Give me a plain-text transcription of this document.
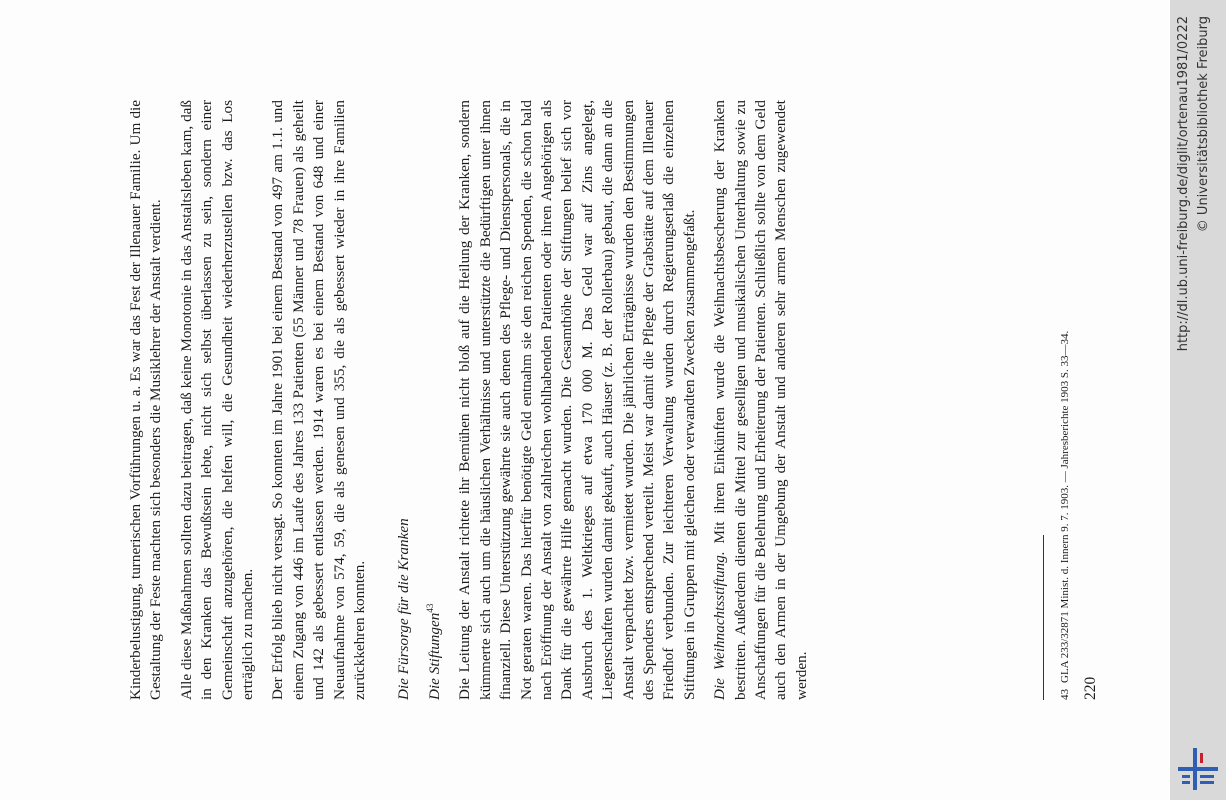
Kinderbelustigung, turnerischen Vorführungen u. a. Es war das Fest der Illenauer Familie. Um die Gestaltung der Feste machten sich besonders die Musiklehrer der Anstalt verdient. Alle diese Maßnahmen sollten dazu beitragen, daß keine Monotonie in das Anstaltsleben kam, daß in den Kranken das Bewußtsein lebte, nicht sich selbst überlassen zu sein, sondern einer Gemeinschaft anzugehören, die helfen will, die Gesundheit wiederherzustellen bzw. das Los erträglich zu machen. Der Erfolg blieb nicht versagt. So konnten im Jahre 1901 bei einem Bestand von 497 am 1.1. und einem Zugang von 446 im Laufe des Jahres 133 Patienten (55 Männer und 78 Frauen) als geheilt und 142 als gebessert entlassen werden. 1914 waren es bei einem Bestand von 648 und einer Neuaufnahme von 574, 59, die als genesen und 355, die als gebessert wieder in ihre Familien zurückkehren konnten. Die Fürsorge für die Kranken Die Stiftungen$^{43}$	Die Leitung der Anstalt richtete ihr Bemühen nicht bloß auf die Heilung der Kranken, sondern kümmerte sich auch um die häuslichen Verhältnisse und unterstützte die Bedürftigen unter ihnen finanziell. Diese Unterstützung gewährte sie auch denen des Pflege- und Dienstpersonals, die in Not geraten waren. Das hierfür benötigte Geld entnahm sie den reichen Spenden, die schon bald nach Eröffnung der Anstalt von zahlreichen wohlhabenden Patienten oder ihren Angehörigen als Dank für die gewährte Hilfe gemacht wurden. Die Gesamthöhe der Stiftungen belief sich vor Ausbruch des 1. Weltkrieges auf etwa 170 000 M. Das Geld war auf Zins angelegt, Liegenschaften wurden damit gekauft, auch Häuser (z. B. der Rollerbau) gebaut, die dann an die Anstalt verpachtet bzw. vermietet wurden. Die jährlichen Erträgnisse wurden den Bestimmungen des Spenders entsprechend verteilt. Meist war damit die Pflege der Grabstätte auf dem Illenauer Friedhof verbunden. Zur leichteren Verwaltung wurden durch Regierungserlaß die einzelnen Stiftungen in Gruppen mit gleichen oder verwandten Zwecken zusammengefaßt. Die Weihnachtsstiftung. Mit ihren Einkünften wurde die Weihnachtsbescherung der Kranken bestritten. Außerdem dienten die Mittel zur geselligen und musikalischen Unterhaltung sowie zu Anschaffungen für die Belehrung und Erheiterung der Patienten. Schließlich sollte von dem Geld auch den Armen in der Umgebung der Anstalt und anderen sehr armen Menschen zugewendet werden.	43GLA 233/32871 Minist. d. Innern 9. 7. 1903. — Jahresberichte 1903 S. 33—34.
220
http://dl.ub.uni-freiburg.de/diglit/ortenau1981/0222 © Universitätsbibliothek Freiburg
